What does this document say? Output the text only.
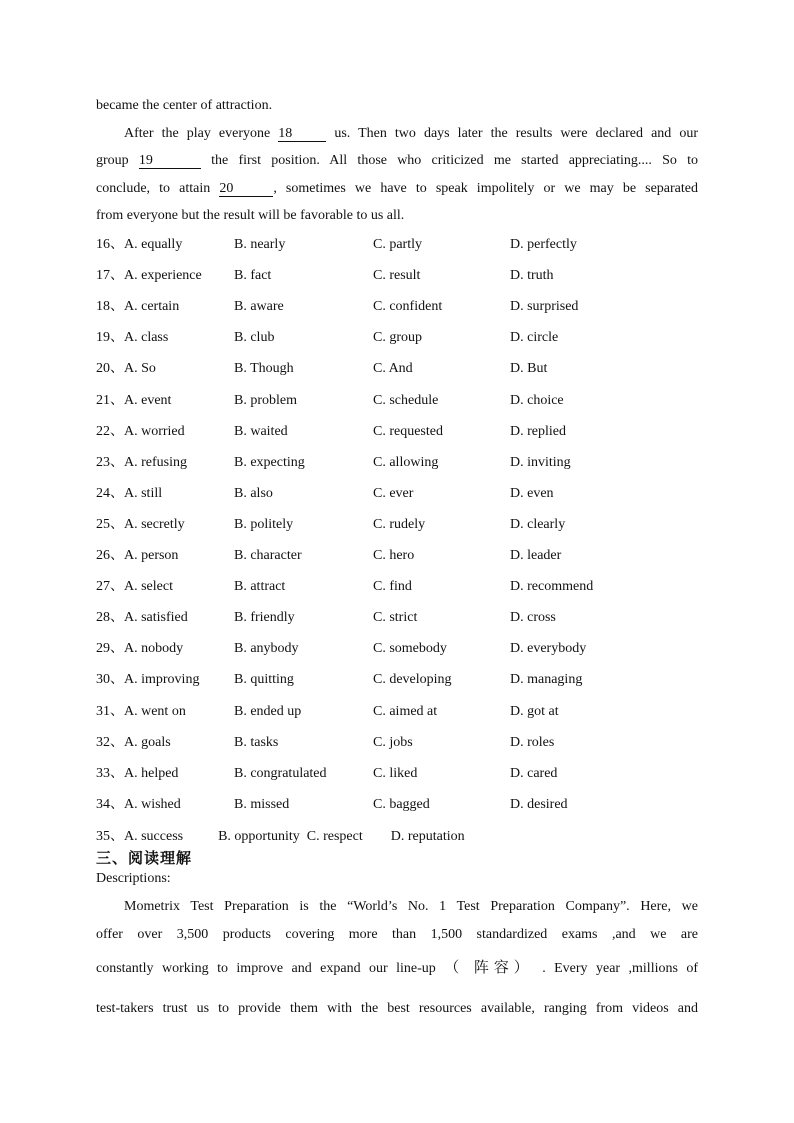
became the center of attraction.
After the play everyone 18	us. Then two days later the results were declared and our
group 19	the first position. All those who criticized me started appreciating.... So to
conclude, to attain 20	, sometimes we have to speak impolitely or we may be separated
from everyone but the result will be favorable to us all.
16、A. equally	B. nearly	C. partly	D. perfectly
17、A. experience B. fact	C. result	D. truth
18、A. certain	B. aware	C. confident	D. surprised
19、A. class	B. club	C. group	D. circle
20、A. So	B. Though	C. And	D. But
21、A. event	B. problem	C. schedule	D. choice
22、A. worried	B. waited	C. requested	D. replied
23、A. refusing	B. expecting	C. allowing	D. inviting
24、A. still	B. also	C. ever	D. even
25、A. secretly	B. politely	C. rudely	D. clearly
26、A. person	B. character	C. hero	D. leader
27、A. select	B. attract	C. find	D. recommend
28、A. satisfied	B. friendly	C. strict	D. cross
29、A. nobody	B. anybody	C. somebody	D. everybody
30、A. improving B. quitting	C. developing	D. managing
31、A. went on	B. ended up	C. aimed at	D. got at
32、A. goals	B. tasks	C. jobs	D. roles
33、A. helped	B. congratulated	C. liked	D. cared
34、A. wished	B. missed	C. bagged	D. desired
35、A. success          B. opportunity  C. respect        D. reputation
三、阅读理解
Descriptions:
Mometrix Test Preparation is the “World’s No. 1 Test Preparation Company”. Here, we
offer over 3,500 products covering more than 1,500 standardized exams ,and we are
constantly working to improve and expand our line-up （ 阵容） . Every year ,millions of
test-takers trust us to provide them with the best resources available, ranging from videos and
